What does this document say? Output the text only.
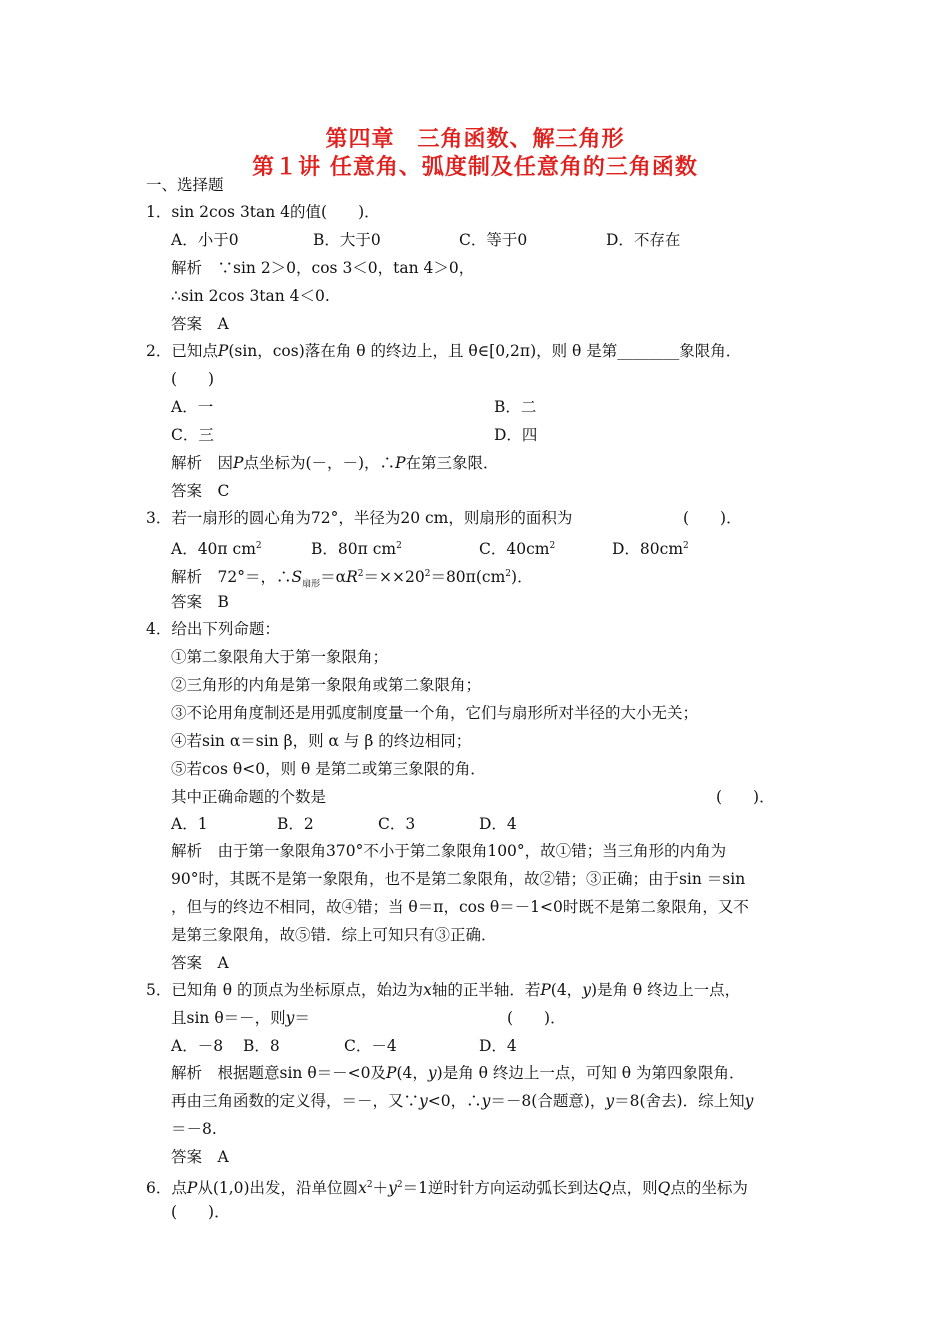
第四章　三角函数、解三角形
第１讲 任意角、弧度制及任意角的三角函数
一、选择题
1．sin 2cos 3tan 4的值(　　)．
A．小于0	B．大于0	C．等于0	D．不存在
解析　∵sin 2＞0，cos 3＜0，tan 4＞0，
∴sin 2cos 3tan 4＜0.
答案　A
2．已知点P(sin，cos)落在角 θ 的终边上，且 θ∈[0,2π)，则 θ 是第________象限角．
(　　)
A．一	B．二
C．三	D．四
解析　因P点坐标为(－，－)，∴P在第三象限．
答案　C
3．若一扇形的圆心角为72°，半径为20 cm，则扇形的面积为	(　　)．
A．40π $cm^2$	B．80π $cm^2$	C．$40cm^2$	D．$80cm^2$
解析　72°＝，$\therefore S_{扇形}=\alpha R^2=\times\times 20^2=80\pi(cm^2)$．
答案　B
4．给出下列命题：
①第二象限角大于第一象限角；
②三角形的内角是第一象限角或第二象限角；
③不论用角度制还是用弧度制度量一个角，它们与扇形所对半径的大小无关；
④若sin α＝sin β，则 α 与 β 的终边相同；
⑤若cos θ<0，则 θ 是第二或第三象限的角．
其中正确命题的个数是	(　　)．
A．1	B．2	C．3	D．4
解析　由于第一象限角370°不小于第二象限角100°，故①错；当三角形的内角为
90°时，其既不是第一象限角，也不是第二象限角，故②错；③正确；由于sin ＝sin
，但与的终边不相同，故④错；当 θ＝π，cos θ＝－1<0时既不是第二象限角，又不
是第三象限角，故⑤错．综上可知只有③正确．
答案　A
5．已知角 θ 的顶点为坐标原点，始边为x轴的正半轴．若P(4，y)是角 θ 终边上一点，
且sin θ＝－，则y＝	(　　)．
A．－8 B．8	C．－4	D．4
解析　根据题意sin θ＝－<0及P(4，y)是角 θ 终边上一点，可知 θ 为第四象限角．
再由三角函数的定义得，＝－，又∵y<0，∴y＝－8(合题意)，y＝8(舍去)．综上知y
＝－8.
答案　A
6．点P从(1,0)出发，沿单位圆$x^2+y^2=1$逆时针方向运动弧长到达Q点，则Q点的坐标为
(　　)．
